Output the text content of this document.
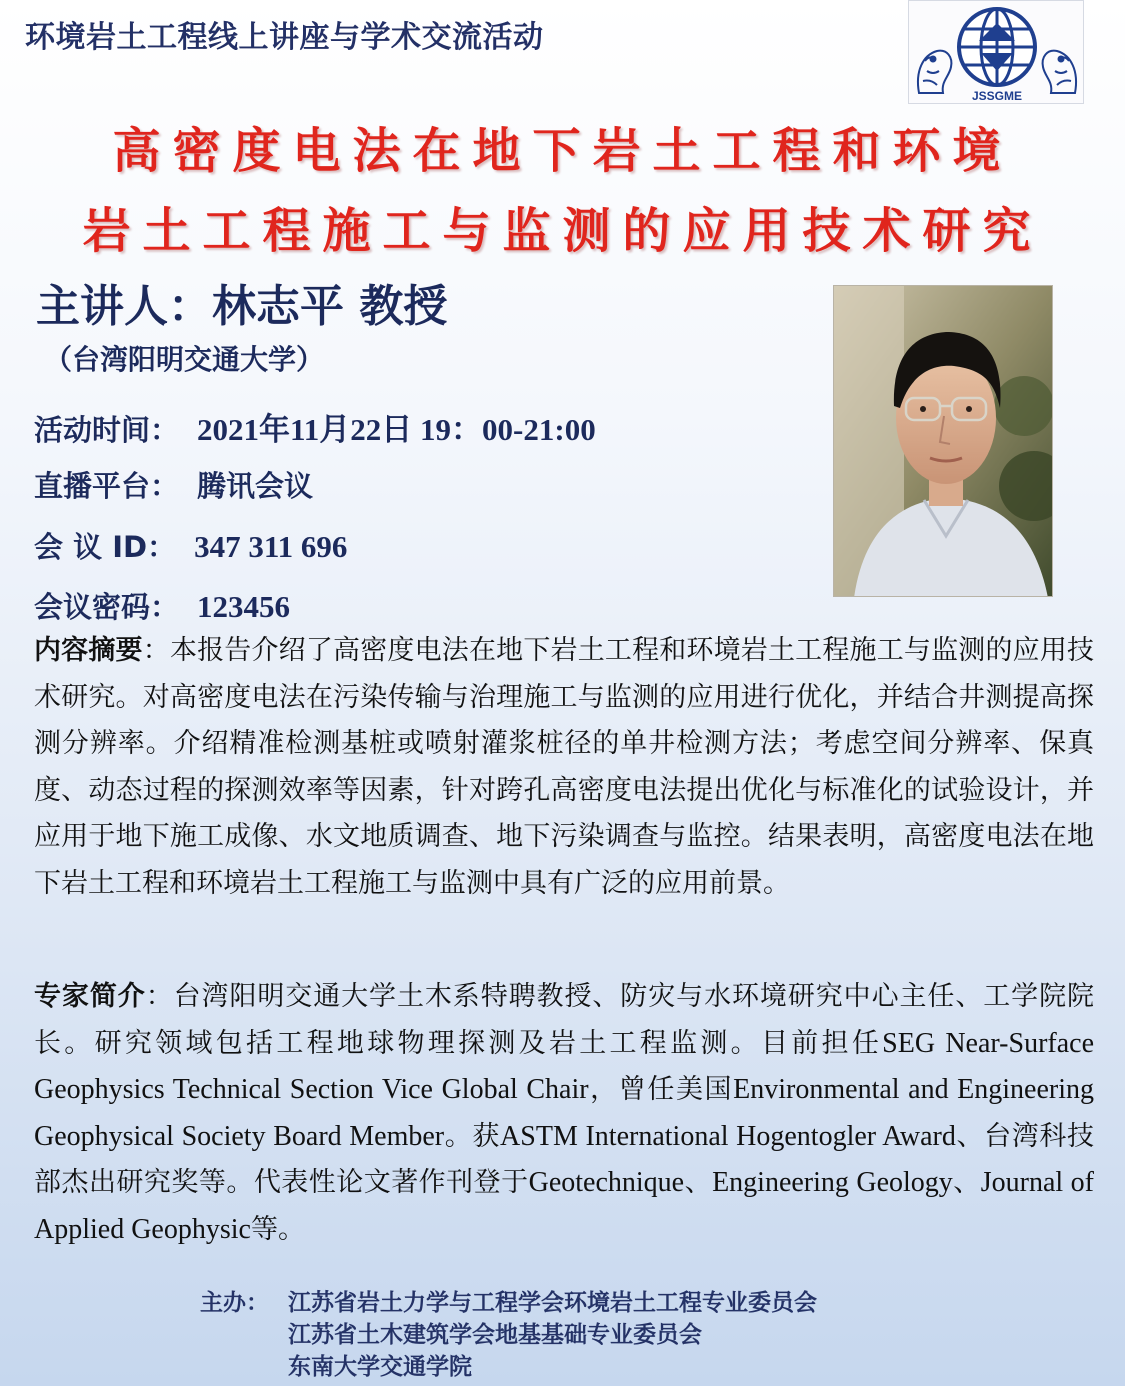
环境岩土工程线上讲座与学术交流活动
JSSGME
高密度电法在地下岩土工程和环境
岩土工程施工与监测的应用技术研究
主讲人：林志平 教授
（台湾阳明交通大学）
活动时间： 2021年11月22日 19：00-21:00
直播平台： 腾讯会议
会 议 ID： 347 311 696
会议密码： 123456
内容摘要：本报告介绍了高密度电法在地下岩土工程和环境岩土工程施工与监测的应用技术研究。对高密度电法在污染传输与治理施工与监测的应用进行优化，并结合井测提高探测分辨率。介绍精准检测基桩或喷射灌浆桩径的单井检测方法；考虑空间分辨率、保真度、动态过程的探测效率等因素，针对跨孔高密度电法提出优化与标准化的试验设计，并应用于地下施工成像、水文地质调查、地下污染调查与监控。结果表明，高密度电法在地下岩土工程和环境岩土工程施工与监测中具有广泛的应用前景。
专家简介：台湾阳明交通大学土木系特聘教授、防灾与水环境研究中心主任、工学院院长。研究领域包括工程地球物理探测及岩土工程监测。目前担任SEG Near-Surface Geophysics Technical Section Vice Global Chair，曾任美国Environmental and Engineering Geophysical Society Board Member。获ASTM International Hogentogler Award、台湾科技部杰出研究奖等。代表性论文著作刊登于Geotechnique、Engineering Geology、Journal of Applied Geophysic等。
主办： 江苏省岩土力学与工程学会环境岩土工程专业委员会
江苏省土木建筑学会地基基础专业委员会
东南大学交通学院
